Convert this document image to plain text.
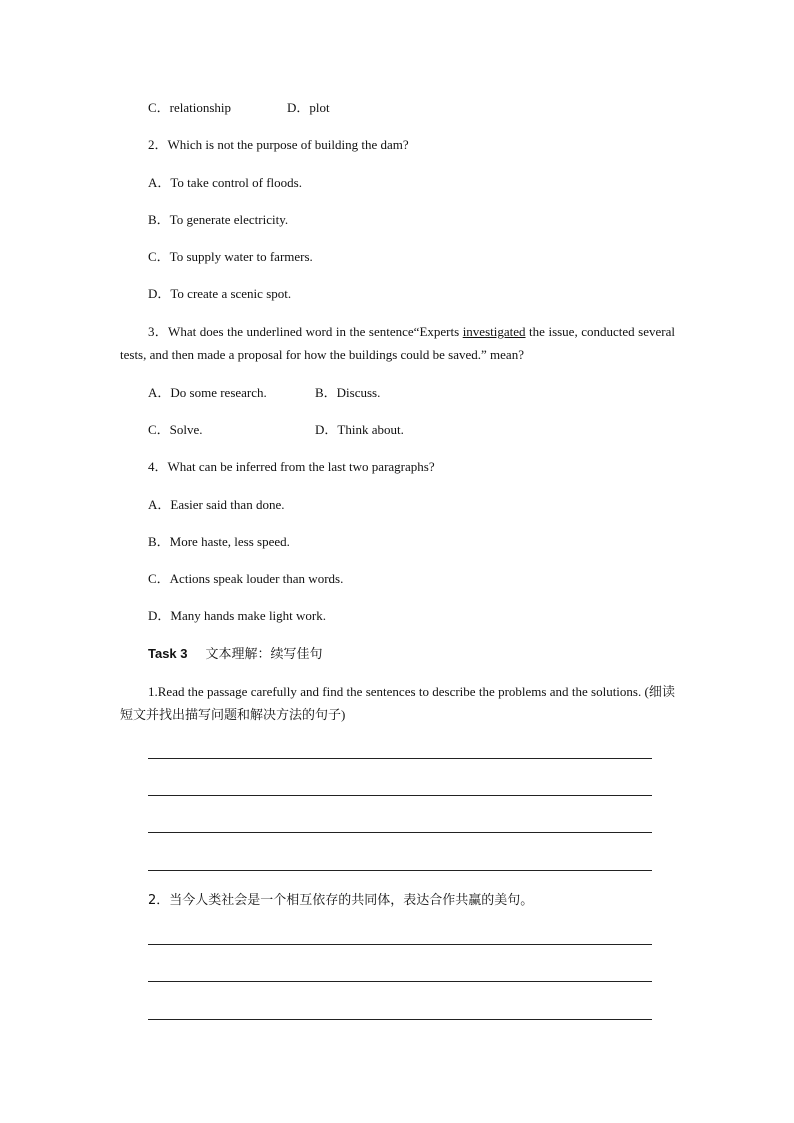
C．relationship	D．plot
2．Which is not the purpose of building the dam?
A．To take control of floods.
B．To generate electricity.
C．To supply water to farmers.
D．To create a scenic spot.
3．What does the underlined word in the sentence“Experts investigated the issue, conducted several tests, and then made a proposal for how the buildings could be saved.” mean?
A．Do some research.	B．Discuss.
C．Solve.	D．Think about.
4．What can be inferred from the last two paragraphs?
A．Easier said than done.
B．More haste, less speed.
C．Actions speak louder than words.
D．Many hands make light work.
Task 3 文本理解：续写佳句
1.Read the passage carefully and find the sentences to describe the problems and the solutions. (细读短文并找出描写问题和解决方法的句子)
2．当今人类社会是一个相互依存的共同体，表达合作共赢的美句。
